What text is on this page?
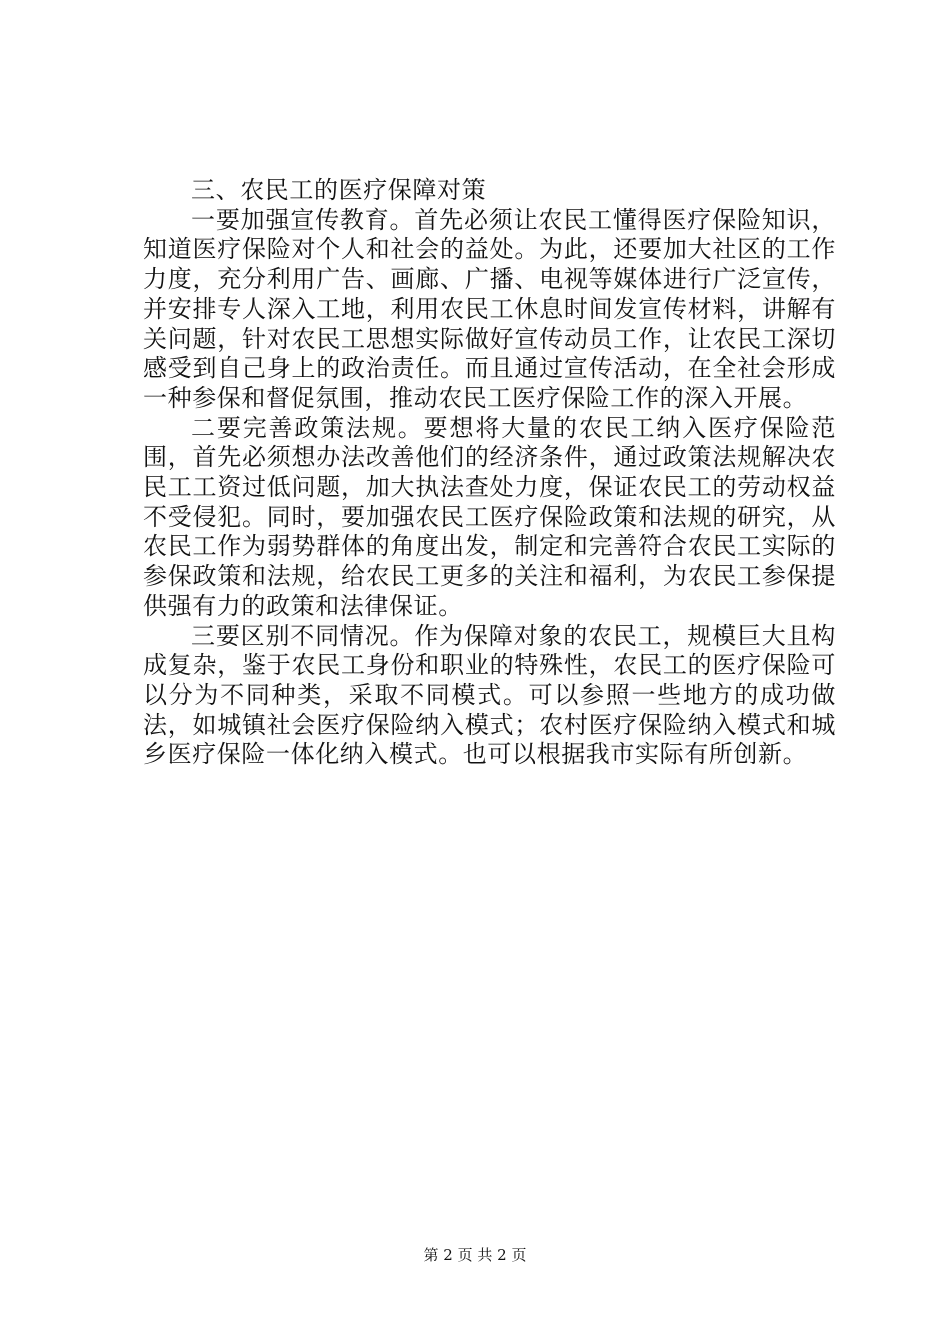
三、农民工的医疗保障对策

一要加强宣传教育。首先必须让农民工懂得医疗保险知识，知道医疗保险对个人和社会的益处。为此，还要加大社区的工作力度，充分利用广告、画廊、广播、电视等媒体进行广泛宣传，并安排专人深入工地，利用农民工休息时间发宣传材料，讲解有关问题，针对农民工思想实际做好宣传动员工作，让农民工深切感受到自己身上的政治责任。而且通过宣传活动，在全社会形成一种参保和督促氛围，推动农民工医疗保险工作的深入开展。

二要完善政策法规。要想将大量的农民工纳入医疗保险范围，首先必须想办法改善他们的经济条件，通过政策法规解决农民工工资过低问题，加大执法查处力度，保证农民工的劳动权益不受侵犯。同时，要加强农民工医疗保险政策和法规的研究，从农民工作为弱势群体的角度出发，制定和完善符合农民工实际的参保政策和法规，给农民工更多的关注和福利，为农民工参保提供强有力的政策和法律保证。

三要区别不同情况。作为保障对象的农民工，规模巨大且构成复杂，鉴于农民工身份和职业的特殊性，农民工的医疗保险可以分为不同种类，采取不同模式。可以参照一些地方的成功做法，如城镇社会医疗保险纳入模式；农村医疗保险纳入模式和城乡医疗保险一体化纳入模式。也可以根据我市实际有所创新。

第 2 页 共 2 页
